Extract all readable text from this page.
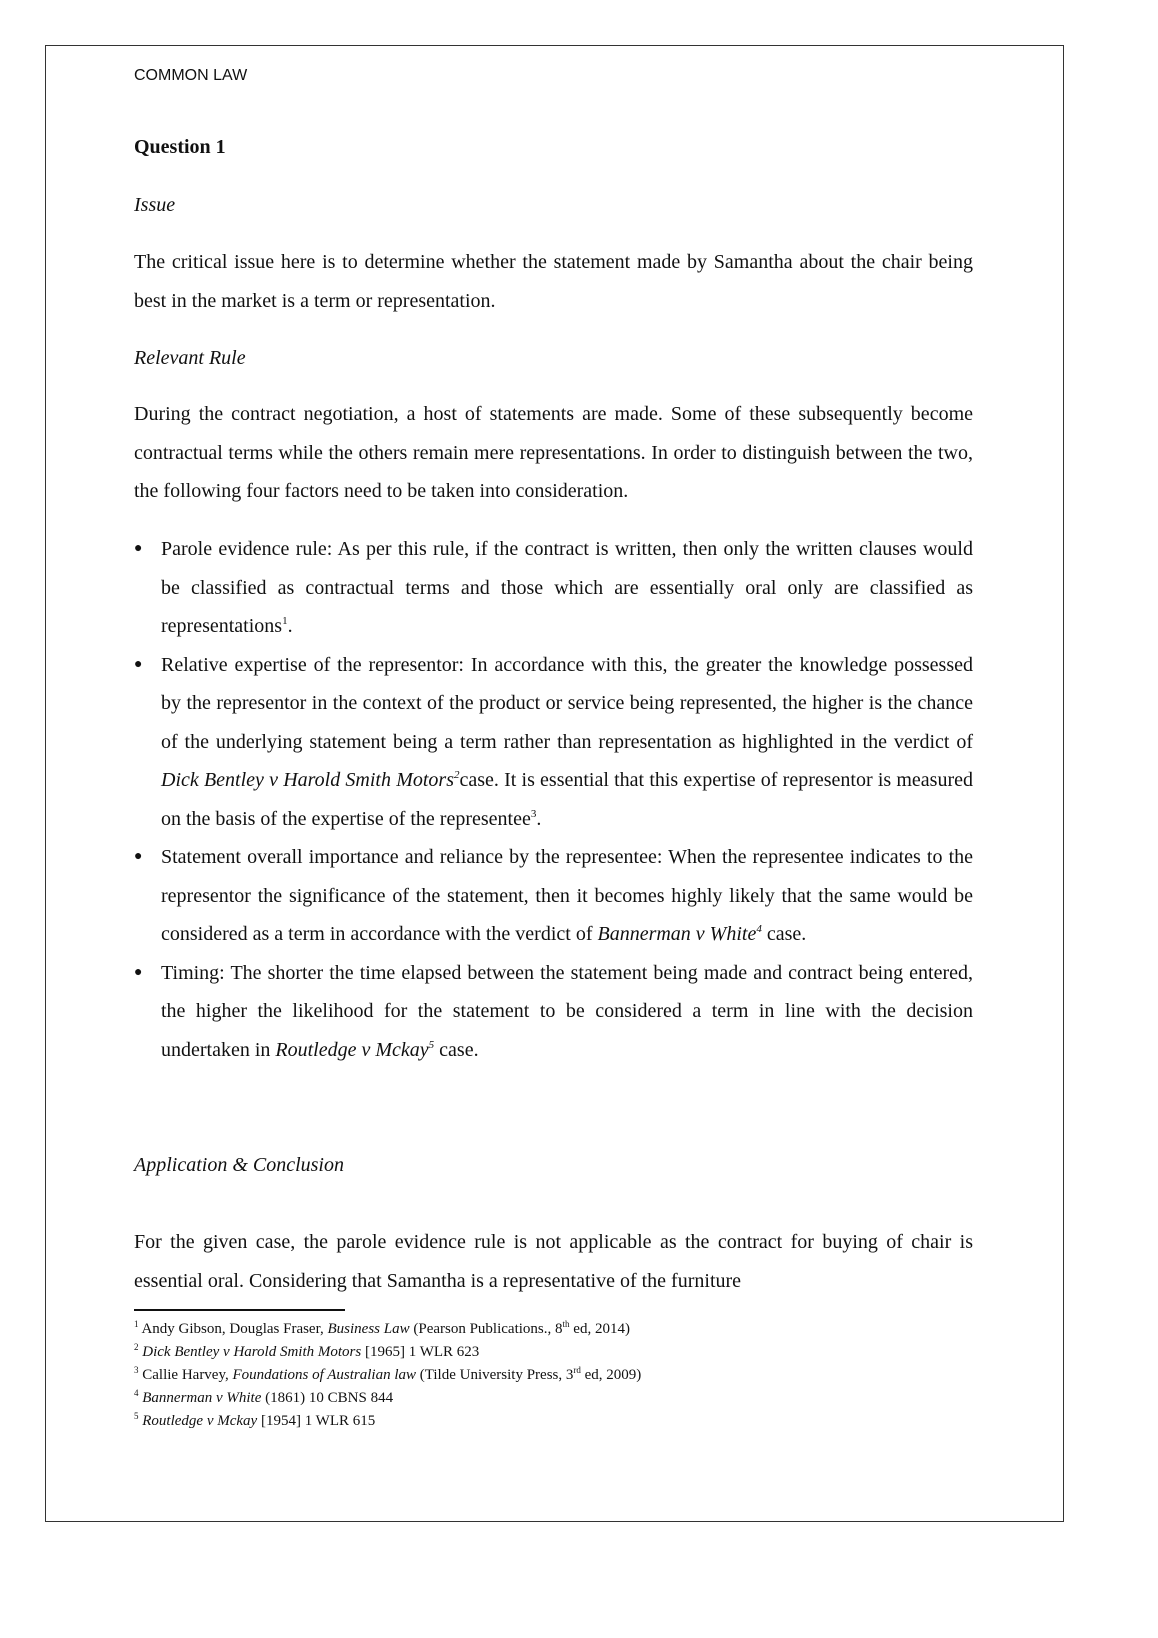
COMMON LAW
Question 1
Issue
The critical issue here is to determine whether the statement made by Samantha about the chair being best in the market is a term or representation.
Relevant Rule
During the contract negotiation, a host of statements are made. Some of these subsequently become contractual terms while the others remain mere representations. In order to distinguish between the two, the following four factors need to be taken into consideration.
● Parole evidence rule: As per this rule, if the contract is written, then only the written clauses would be classified as contractual terms and those which are essentially oral only are classified as representations$^1$.
● Relative expertise of the representor: In accordance with this, the greater the knowledge possessed by the representor in the context of the product or service being represented, the higher is the chance of the underlying statement being a term rather than representation as highlighted in the verdict of Dick Bentley v Harold Smith Motors$^2$case. It is essential that this expertise of representor is measured on the basis of the expertise of the representee$^3$.
● Statement overall importance and reliance by the representee: When the representee indicates to the representor the significance of the statement, then it becomes highly likely that the same would be considered as a term in accordance with the verdict of Bannerman v White$^4$ case.
● Timing: The shorter the time elapsed between the statement being made and contract being entered, the higher the likelihood for the statement to be considered a term in line with the decision undertaken in Routledge v Mckay$^5$ case.
Application & Conclusion
For the given case, the parole evidence rule is not applicable as the contract for buying of chair is essential oral. Considering that Samantha is a representative of the furniture
$^1$ Andy Gibson, Douglas Fraser, Business Law (Pearson Publications., 8th ed, 2014)
$^2$ Dick Bentley v Harold Smith Motors [1965] 1 WLR 623
$^3$ Callie Harvey, Foundations of Australian law (Tilde University Press, 3rd ed, 2009)
$^4$ Bannerman v White (1861) 10 CBNS 844
$^5$ Routledge v Mckay [1954] 1 WLR 615
